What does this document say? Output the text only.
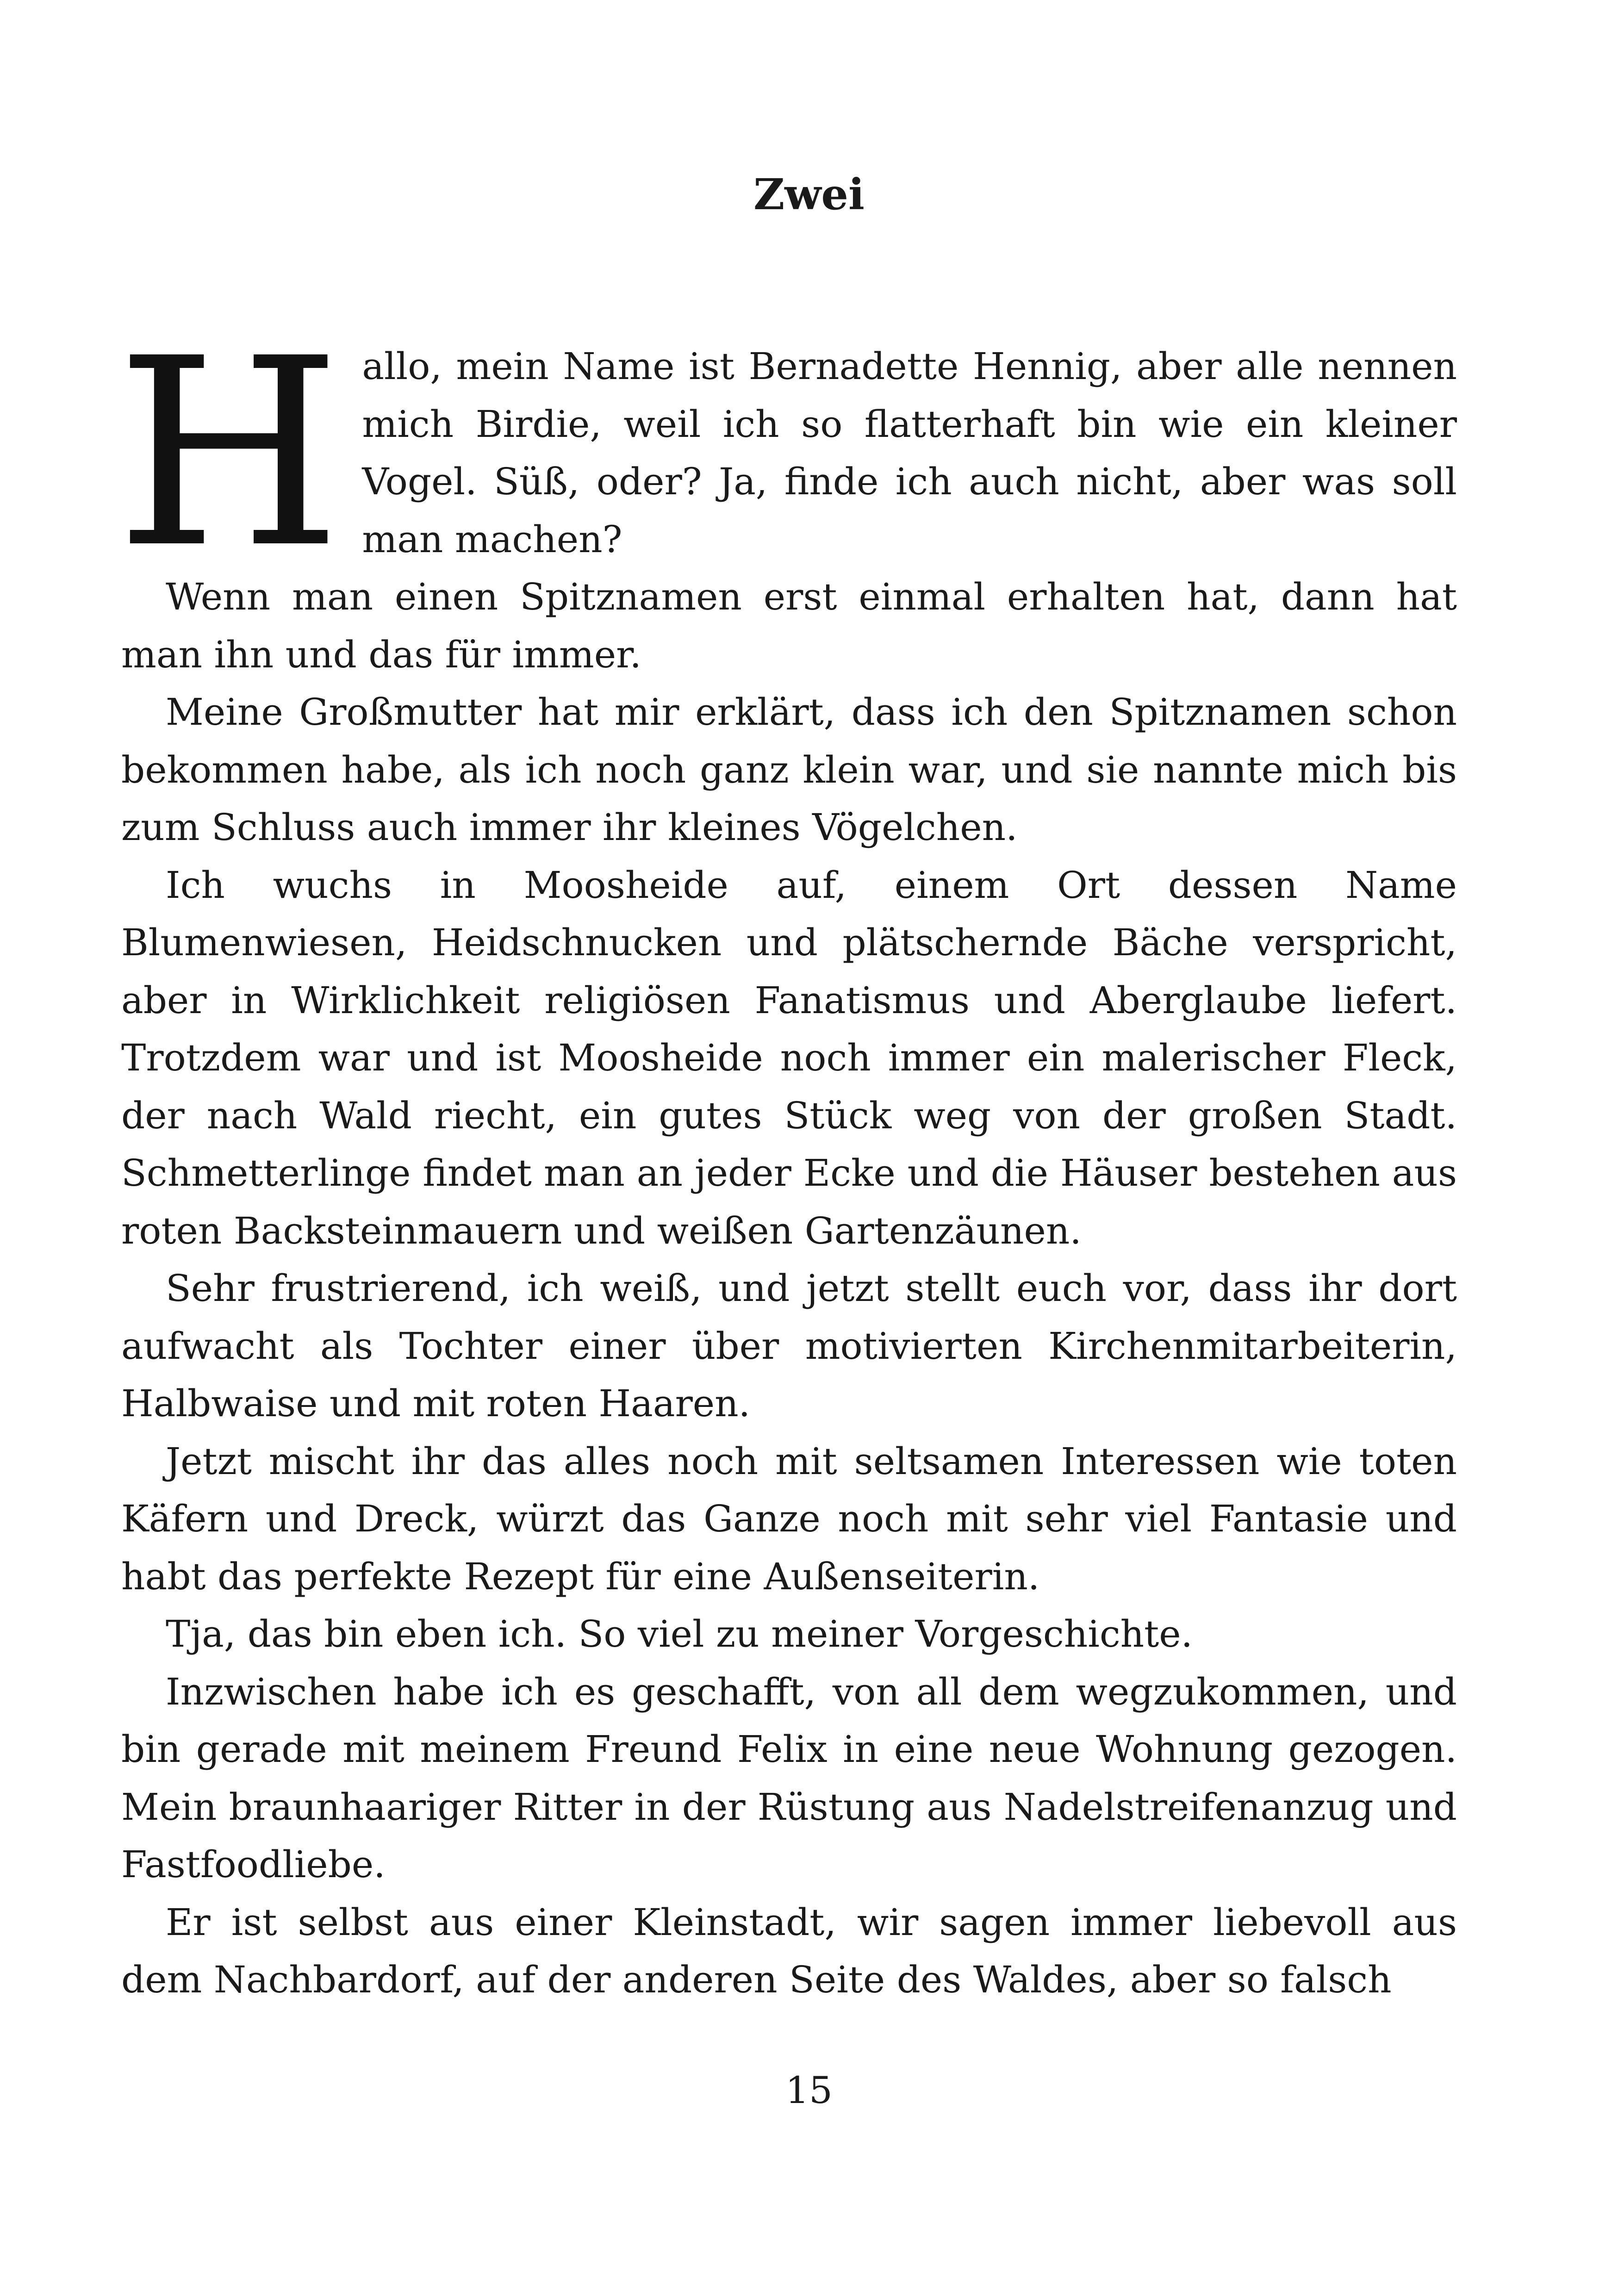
Zwei

Hallo, mein Name ist Bernadette Hennig, aber alle nennen mich Birdie, weil ich so flatterhaft bin wie ein kleiner Vogel. Süß, oder? Ja, finde ich auch nicht, aber was soll man machen?

Wenn man einen Spitznamen erst einmal erhalten hat, dann hat man ihn und das für immer.

Meine Großmutter hat mir erklärt, dass ich den Spitznamen schon bekommen habe, als ich noch ganz klein war, und sie nannte mich bis zum Schluss auch immer ihr kleines Vögelchen.

Ich wuchs in Moosheide auf, einem Ort dessen Name Blumenwiesen, Heidschnucken und plätschernde Bäche verspricht, aber in Wirklichkeit religiösen Fanatismus und Aberglaube liefert. Trotzdem war und ist Moosheide noch immer ein malerischer Fleck, der nach Wald riecht, ein gutes Stück weg von der großen Stadt. Schmetterlinge findet man an jeder Ecke und die Häuser bestehen aus roten Backsteinmauern und weißen Gartenzäunen.

Sehr frustrierend, ich weiß, und jetzt stellt euch vor, dass ihr dort aufwacht als Tochter einer über motivierten Kirchenmitarbeiterin, Halbwaise und mit roten Haaren.

Jetzt mischt ihr das alles noch mit seltsamen Interessen wie toten Käfern und Dreck, würzt das Ganze noch mit sehr viel Fantasie und habt das perfekte Rezept für eine Außenseiterin.

Tja, das bin eben ich. So viel zu meiner Vorgeschichte.

Inzwischen habe ich es geschafft, von all dem wegzukommen, und bin gerade mit meinem Freund Felix in eine neue Wohnung gezogen. Mein braunhaariger Ritter in der Rüstung aus Nadelstreifenanzug und Fastfoodliebe.

Er ist selbst aus einer Kleinstadt, wir sagen immer liebevoll aus dem Nachbardorf, auf der anderen Seite des Waldes, aber so falsch

15
